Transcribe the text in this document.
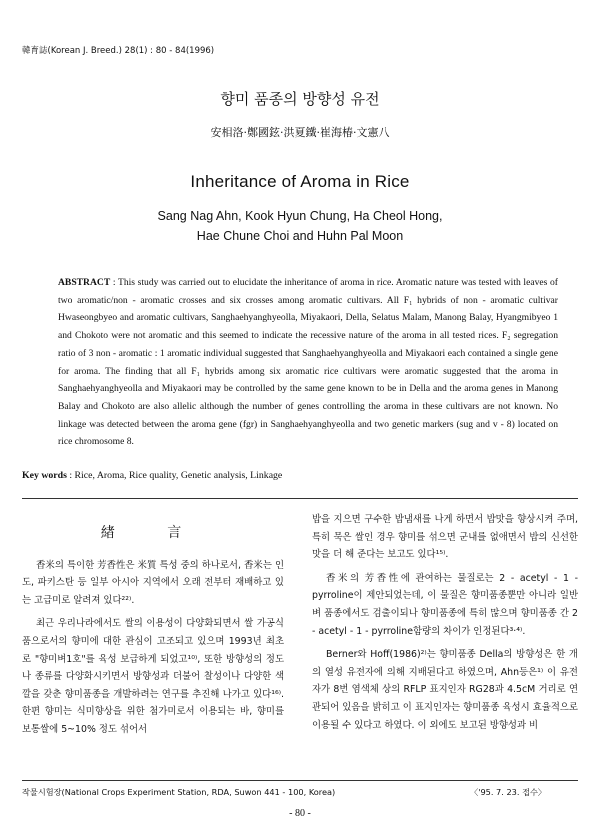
韓育誌(Korean J. Breed.) 28(1) : 80 - 84(1996)
향미 품종의 방향성 유전
安相洛·鄭國鉉·洪夏鐵·崔海椿·文憲八
Inheritance of Aroma in Rice
Sang Nag Ahn, Kook Hyun Chung, Ha Cheol Hong,
Hae Chune Choi and Huhn Pal Moon
ABSTRACT : This study was carried out to elucidate the inheritance of aroma in rice. Aromatic nature was tested with leaves of two aromatic/non - aromatic crosses and six crosses among aromatic cultivars. All F₁ hybrids of non - aromatic cultivar Hwaseongbyeo and aromatic cultivars, Sanghaehyanghyeolla, Miyakaori, Della, Selatus Malam, Manong Balay, Hyangmibyeo 1 and Chokoto were not aromatic and this seemed to indicate the recessive nature of the aroma in all tested rices. F₂ segregation ratio of 3 non - aromatic : 1 aromatic individual suggested that Sanghaehyanghyeolla and Miyakaori each contained a single gene for aroma. The finding that all F₁ hybrids among six aromatic rice cultivars were aromatic suggested that the aroma in Sanghaehyanghyeolla and Miyakaori may be controlled by the same gene known to be in Della and the aroma genes in Manong Balay and Chokoto are also allelic although the number of genes controlling the aroma in these cultivars are not known. No linkage was detected between the aroma gene (fgr) in Sanghaehyanghyeolla and two genetic markers (sug and v - 8) located on rice chromosome 8.
Key words : Rice, Aroma, Rice quality, Genetic analysis, Linkage
緖 言

香米의 특이한 芳香性은 米質 특성 중의 하나로서, 香米는 인도, 파키스탄 등 일부 아시아 지역에서 오래 전부터 재배하고 있는 고급미로 알려져 있다²²⁾.

최근 우리나라에서도 쌀의 이용성이 다양화되면서 쌀 가공식품으로서의 향미에 대한 관심이 고조되고 있으며 1993년 최초로 "향미벼1호"를 육성 보급하게 되었고¹⁰⁾, 또한 방향성의 정도나 종류를 다양화시키면서 방향성과 더불어 찰성이나 다양한 색깔을 갖춘 향미품종을 개발하려는 연구를 추진해 나가고 있다¹⁶⁾. 한편 향미는 식미향상을 위한 첨가미로서 이용되는 바, 향미를 보통쌀에 5~10% 정도 섞어서

밥을 지으면 구수한 밥냄새를 나게 하면서 밥맛을 향상시켜 주며, 특히 묵은 쌀인 경우 향미를 섞으면 군내를 없애면서 밥의 신선한 맛을 더 해 준다는 보고도 있다¹⁵⁾.

香米의 芳香性에 관여하는 물질로는 2 - acetyl - 1 - pyrroline이 제안되었는데, 이 물질은 향미품종뿐만 아니라 일반 벼 품종에서도 검출이되나 향미품종에 특히 많으며 향미품종 간 2 - acetyl - 1 - pyrroline함량의 차이가 인정된다³·⁴⁾.

Berner와 Hoff(1986)²⁾는 향미품종 Della의 방향성은 한 개의 열성 유전자에 의해 지배된다고 하였으며, Ahn등은¹⁾ 이 유전자가 8번 염색체 상의 RFLP 표지인자 RG28과 4.5cM 거리로 연관되어 있음을 밝히고 이 표지인자는 향미품종 육성시 효율적으로 이용될 수 있다고 하였다. 이 외에도 보고된 방향성과 비

작물시험장(National Crops Experiment Station, RDA, Suwon 441 - 100, Korea)	〈'95. 7. 23. 접수〉
- 80 -
